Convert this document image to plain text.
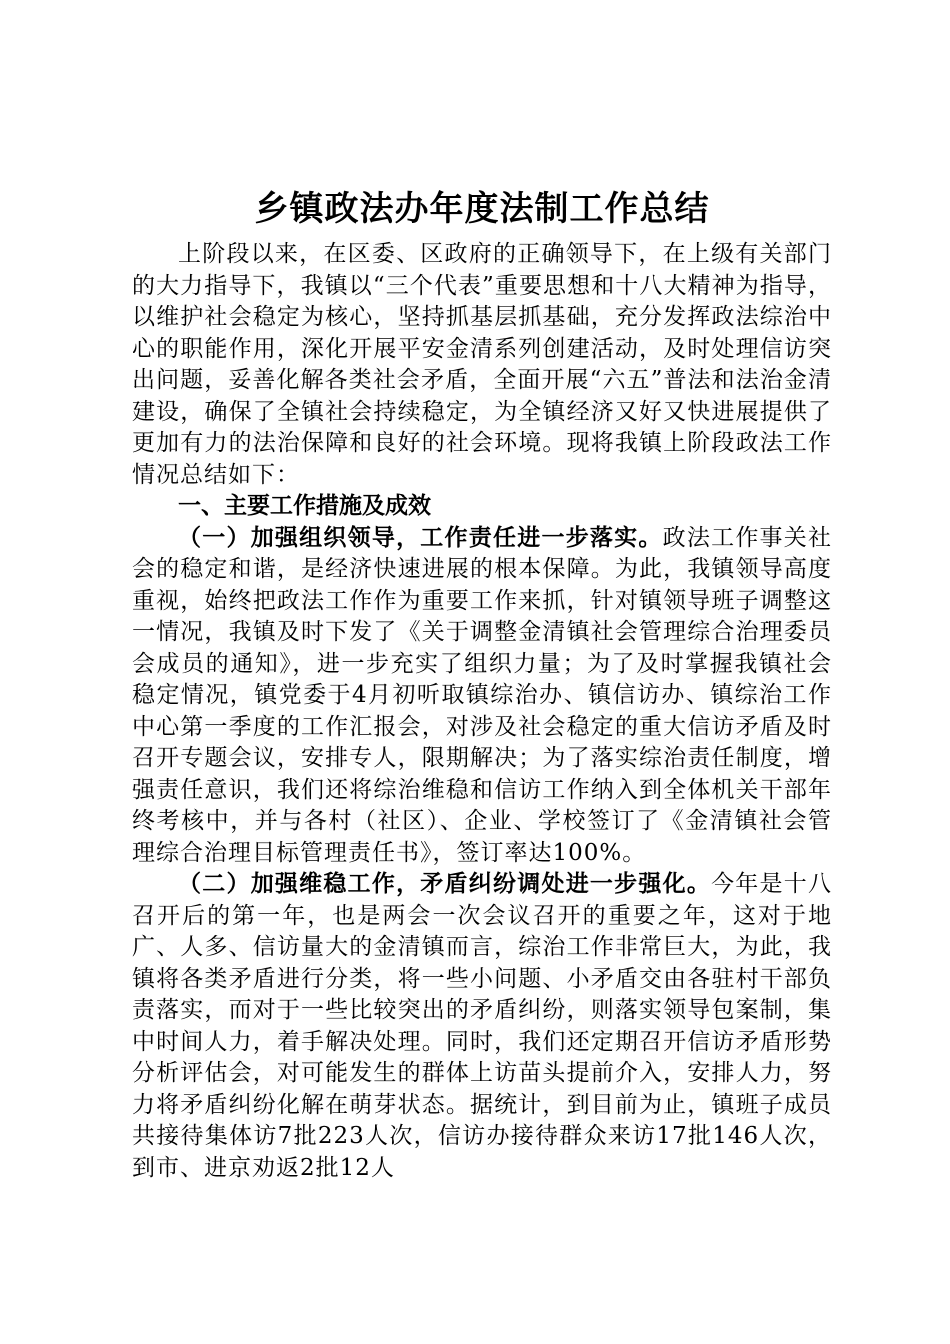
乡镇政法办年度法制工作总结

上阶段以来，在区委、区政府的正确领导下，在上级有关部门的大力指导下，我镇以“三个代表”重要思想和十八大精神为指导，以维护社会稳定为核心，坚持抓基层抓基础，充分发挥政法综治中心的职能作用，深化开展平安金清系列创建活动，及时处理信访突出问题，妥善化解各类社会矛盾，全面开展“六五”普法和法治金清建设，确保了全镇社会持续稳定，为全镇经济又好又快进展提供了更加有力的法治保障和良好的社会环境。现将我镇上阶段政法工作情况总结如下：

一、主要工作措施及成效

（一）加强组织领导，工作责任进一步落实。政法工作事关社会的稳定和谐，是经济快速进展的根本保障。为此，我镇领导高度重视，始终把政法工作作为重要工作来抓，针对镇领导班子调整这一情况，我镇及时下发了《关于调整金清镇社会管理综合治理委员会成员的通知》，进一步充实了组织力量；为了及时掌握我镇社会稳定情况，镇党委于4月初听取镇综治办、镇信访办、镇综治工作中心第一季度的工作汇报会，对涉及社会稳定的重大信访矛盾及时召开专题会议，安排专人，限期解决；为了落实综治责任制度，增强责任意识，我们还将综治维稳和信访工作纳入到全体机关干部年终考核中，并与各村（社区）、企业、学校签订了《金清镇社会管理综合治理目标管理责任书》，签订率达100%。

（二）加强维稳工作，矛盾纠纷调处进一步强化。今年是十八召开后的第一年，也是两会一次会议召开的重要之年，这对于地广、人多、信访量大的金清镇而言，综治工作非常巨大，为此，我镇将各类矛盾进行分类，将一些小问题、小矛盾交由各驻村干部负责落实，而对于一些比较突出的矛盾纠纷，则落实领导包案制，集中时间人力，着手解决处理。同时，我们还定期召开信访矛盾形势分析评估会，对可能发生的群体上访苗头提前介入，安排人力，努力将矛盾纠纷化解在萌芽状态。据统计，到目前为止，镇班子成员共接待集体访7批223人次，信访办接待群众来访17批146人次，到市、进京劝返2批12人
